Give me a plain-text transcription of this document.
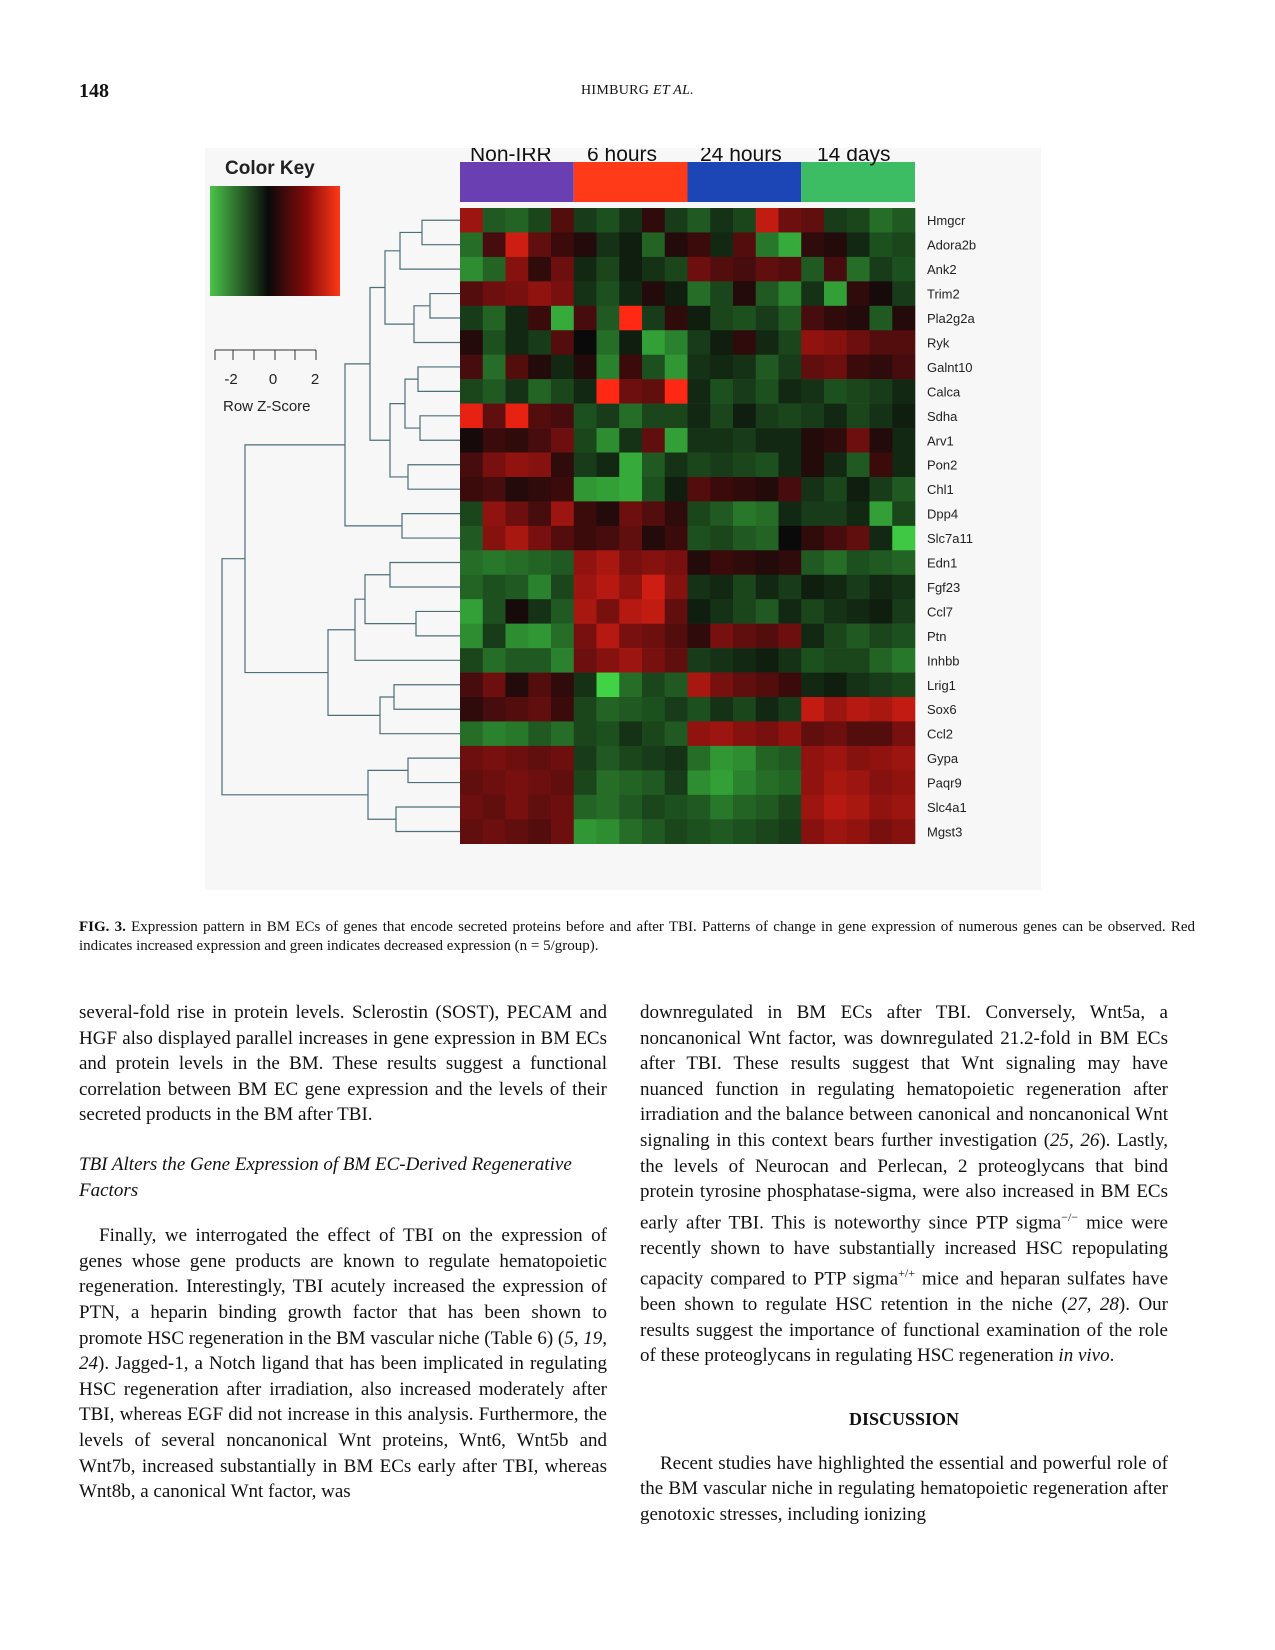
148	HIMBURG ET AL.
Color Key
-2 0 2
Row Z-Score
Non-IRR 6 hours 24 hours 14 days
Hmgcr
Adora2b
Ank2
Trim2
Pla2g2a
Ryk
Galnt10
Calca
Sdha
Arv1
Pon2
Chl1
Dpp4
Slc7a11
Edn1
Fgf23
Ccl7
Ptn
Inhbb
Lrig1
Sox6
Ccl2
Gypa
Paqr9
Slc4a1
Mgst3
FIG. 3. Expression pattern in BM ECs of genes that encode secreted proteins before and after TBI. Patterns of change in gene expression of numerous genes can be observed. Red indicates increased expression and green indicates decreased expression (n = 5/group).

several-fold rise in protein levels. Sclerostin (SOST), PECAM and HGF also displayed parallel increases in gene expression in BM ECs and protein levels in the BM. These results suggest a functional correlation between BM EC gene expression and the levels of their secreted products in the BM after TBI.

TBI Alters the Gene Expression of BM EC-Derived Regenerative Factors

Finally, we interrogated the effect of TBI on the expression of genes whose gene products are known to regulate hematopoietic regeneration. Interestingly, TBI acutely increased the expression of PTN, a heparin binding growth factor that has been shown to promote HSC regeneration in the BM vascular niche (Table 6) (5, 19, 24). Jagged-1, a Notch ligand that has been implicated in regulating HSC regeneration after irradiation, also increased moderately after TBI, whereas EGF did not increase in this analysis. Furthermore, the levels of several noncanonical Wnt proteins, Wnt6, Wnt5b and Wnt7b, increased substantially in BM ECs early after TBI, whereas Wnt8b, a canonical Wnt factor, was

downregulated in BM ECs after TBI. Conversely, Wnt5a, a noncanonical Wnt factor, was downregulated 21.2-fold in BM ECs after TBI. These results suggest that Wnt signaling may have nuanced function in regulating hematopoietic regeneration after irradiation and the balance between canonical and noncanonical Wnt signaling in this context bears further investigation (25, 26). Lastly, the levels of Neurocan and Perlecan, 2 proteoglycans that bind protein tyrosine phosphatase-sigma, were also increased in BM ECs early after TBI. This is noteworthy since PTP sigma−/− mice were recently shown to have substantially increased HSC repopulating capacity compared to PTP sigma+/+ mice and heparan sulfates have been shown to regulate HSC retention in the niche (27, 28). Our results suggest the importance of functional examination of the role of these proteoglycans in regulating HSC regeneration in vivo.

DISCUSSION

Recent studies have highlighted the essential and powerful role of the BM vascular niche in regulating hematopoietic regeneration after genotoxic stresses, including ionizing
